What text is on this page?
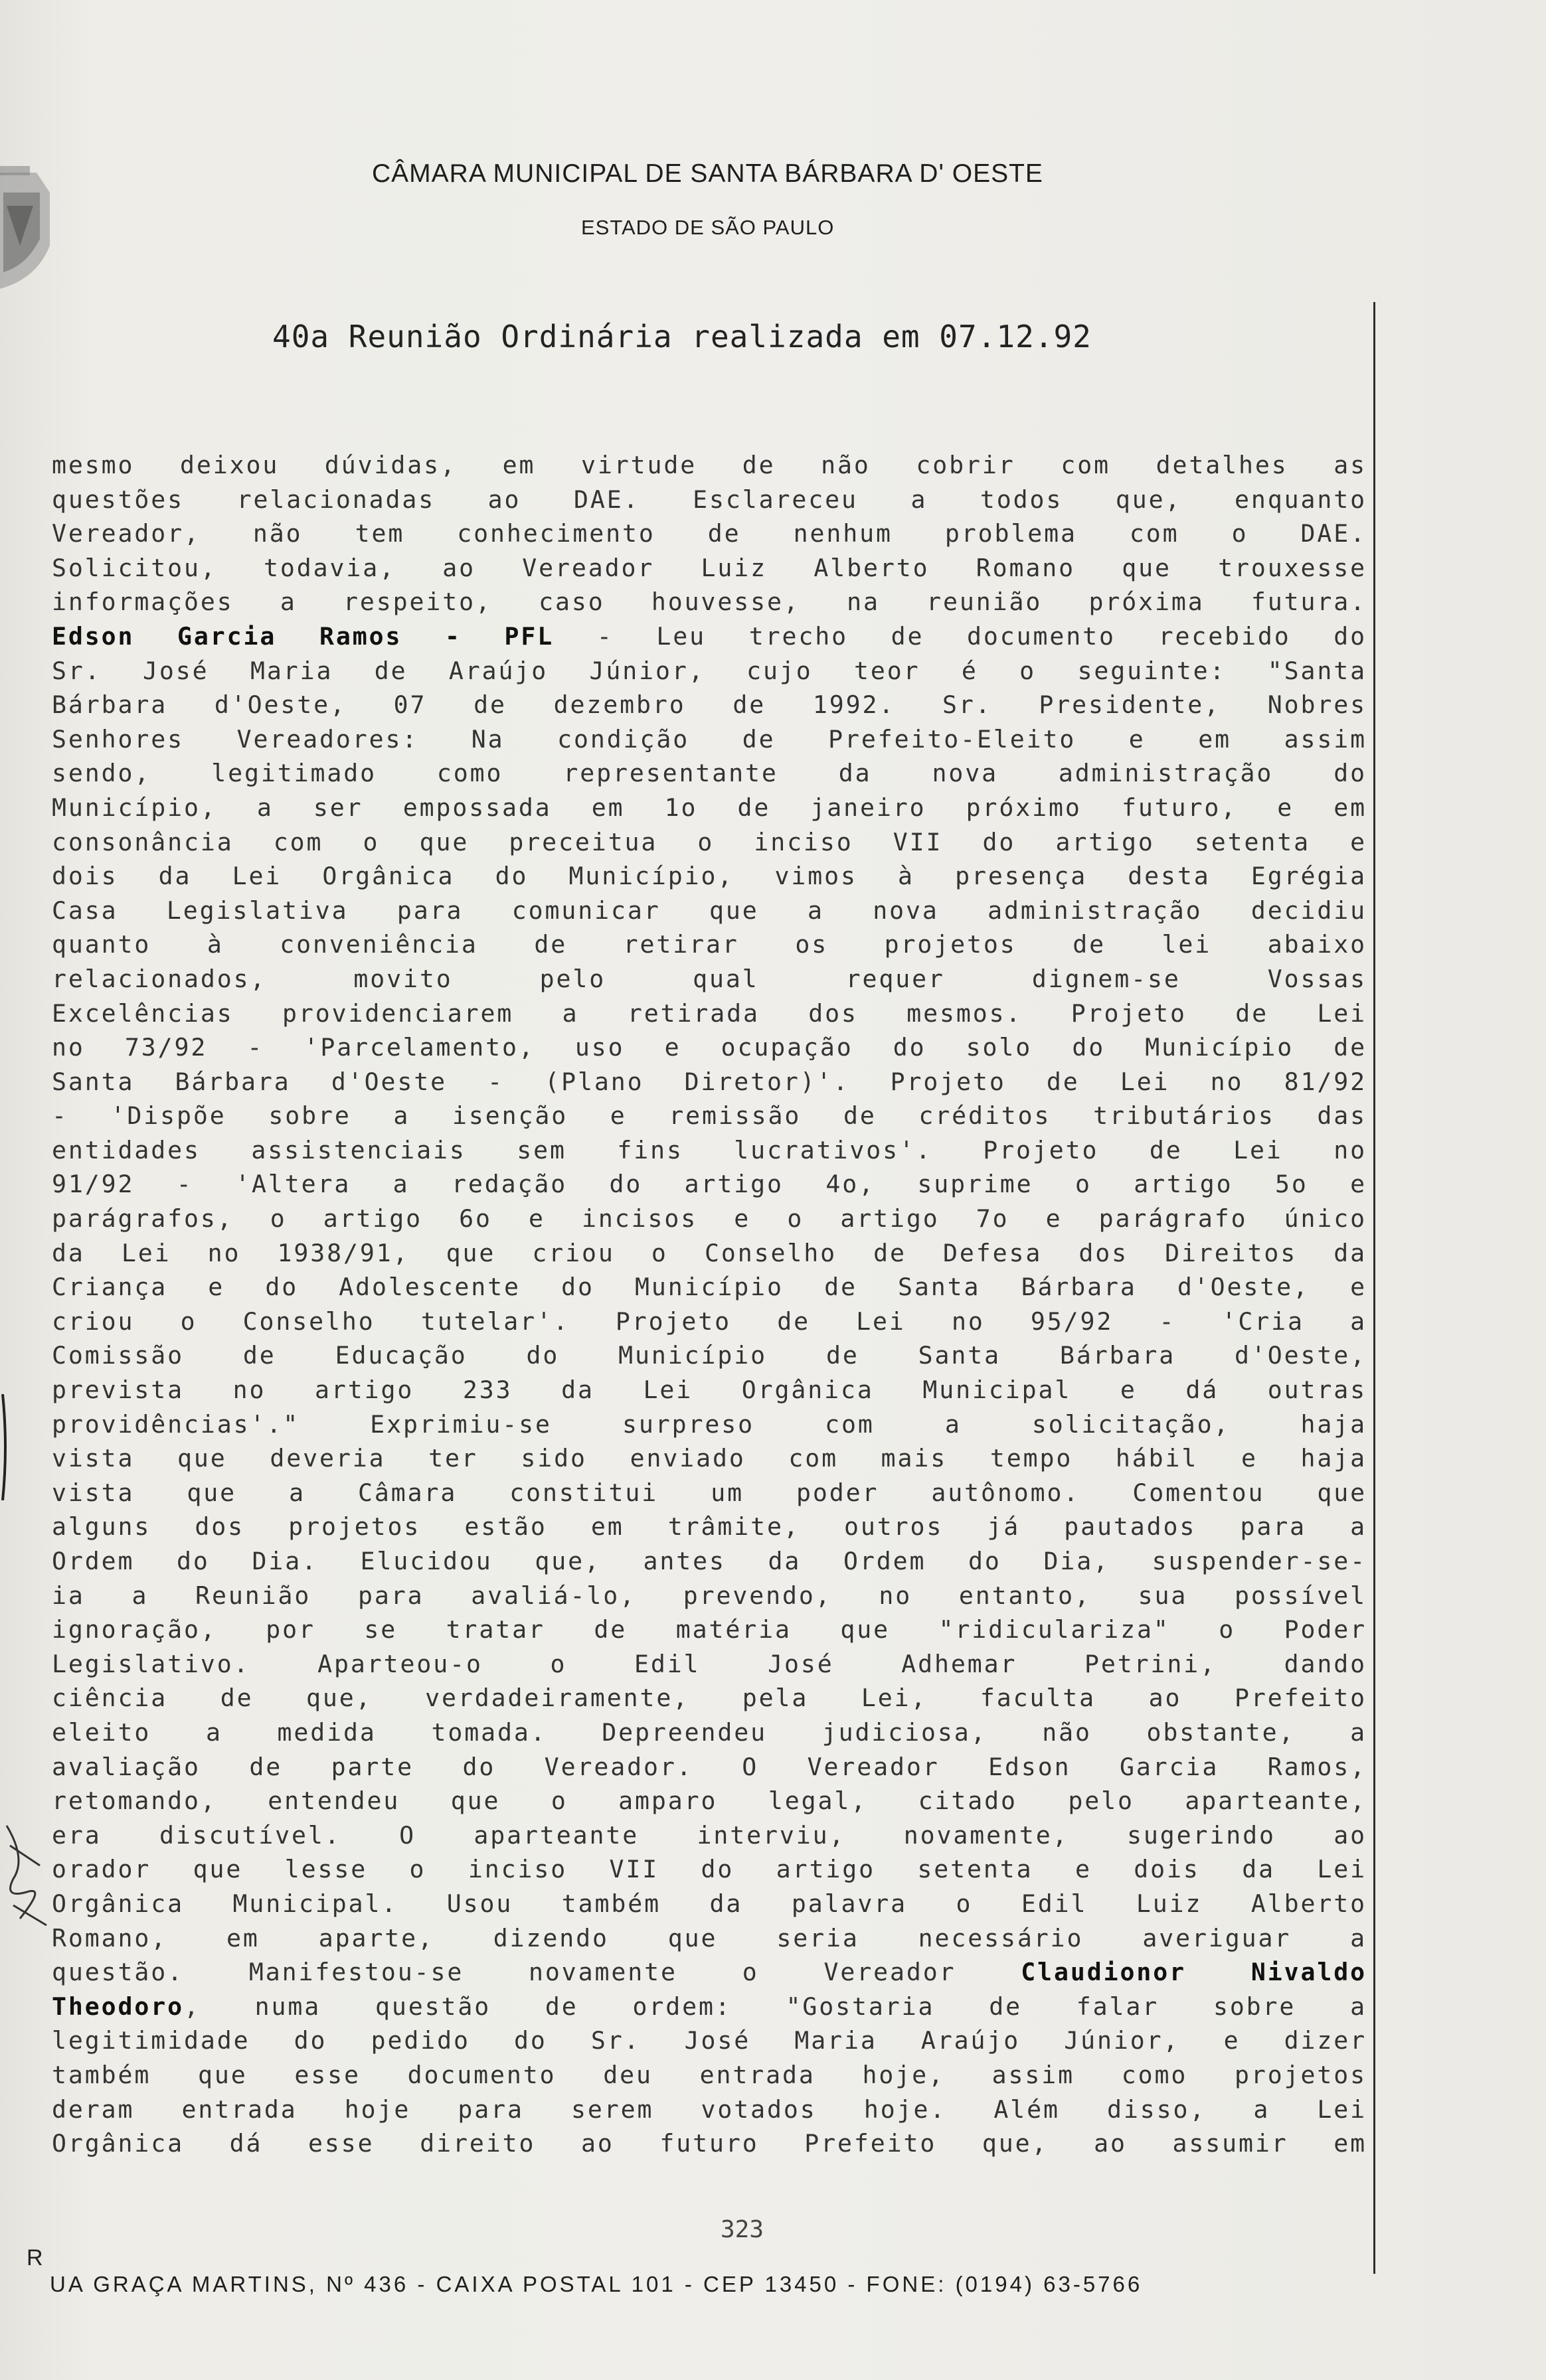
CÂMARA MUNICIPAL DE SANTA BÁRBARA D' OESTE
ESTADO DE SÃO PAULO
40a Reunião Ordinária realizada em 07.12.92
mesmo deixou dúvidas, em virtude de não cobrir com detalhes as
questões relacionadas ao DAE. Esclareceu a todos que, enquanto
Vereador, não tem conhecimento de nenhum problema com o DAE.
Solicitou, todavia, ao Vereador Luiz Alberto Romano que trouxesse
informações a respeito, caso houvesse, na reunião próxima futura.
Edson Garcia Ramos - PFL - Leu trecho de documento recebido do
Sr. José Maria de Araújo Júnior, cujo teor é o seguinte: "Santa
Bárbara d'Oeste, 07 de dezembro de 1992. Sr. Presidente, Nobres
Senhores Vereadores: Na condição de Prefeito-Eleito e em assim
sendo, legitimado como representante da nova administração do
Município, a ser empossada em 1o de janeiro próximo futuro, e em
consonância com o que preceitua o inciso VII do artigo setenta e
dois da Lei Orgânica do Município, vimos à presença desta Egrégia
Casa Legislativa para comunicar que a nova administração decidiu
quanto à conveniência de retirar os projetos de lei abaixo
relacionados, movito pelo qual requer dignem-se Vossas
Excelências providenciarem a retirada dos mesmos. Projeto de Lei
no 73/92 - 'Parcelamento, uso e ocupação do solo do Município de
Santa Bárbara d'Oeste - (Plano Diretor)'. Projeto de Lei no 81/92
- 'Dispõe sobre a isenção e remissão de créditos tributários das
entidades assistenciais sem fins lucrativos'. Projeto de Lei no
91/92 - 'Altera a redação do artigo 4o, suprime o artigo 5o e
parágrafos, o artigo 6o e incisos e o artigo 7o e parágrafo único
da Lei no 1938/91, que criou o Conselho de Defesa dos Direitos da
Criança e do Adolescente do Município de Santa Bárbara d'Oeste, e
criou o Conselho tutelar'. Projeto de Lei no 95/92 - 'Cria a
Comissão de Educação do Município de Santa Bárbara d'Oeste,
prevista no artigo 233 da Lei Orgânica Municipal e dá outras
providências'." Exprimiu-se surpreso com a solicitação, haja
vista que deveria ter sido enviado com mais tempo hábil e haja
vista que a Câmara constitui um poder autônomo. Comentou que
alguns dos projetos estão em trâmite, outros já pautados para a
Ordem do Dia. Elucidou que, antes da Ordem do Dia, suspender-se-
ia a Reunião para avaliá-lo, prevendo, no entanto, sua possível
ignoração, por se tratar de matéria que "ridiculariza" o Poder
Legislativo. Aparteou-o o Edil José Adhemar Petrini, dando
ciência de que, verdadeiramente, pela Lei, faculta ao Prefeito
eleito a medida tomada. Depreendeu judiciosa, não obstante, a
avaliação de parte do Vereador. O Vereador Edson Garcia Ramos,
retomando, entendeu que o amparo legal, citado pelo aparteante,
era discutível. O aparteante interviu, novamente, sugerindo ao
orador que lesse o inciso VII do artigo setenta e dois da Lei
Orgânica Municipal. Usou também da palavra o Edil Luiz Alberto
Romano, em aparte, dizendo que seria necessário averiguar a
questão. Manifestou-se novamente o Vereador Claudionor Nivaldo
Theodoro, numa questão de ordem: "Gostaria de falar sobre a
legitimidade do pedido do Sr. José Maria Araújo Júnior, e dizer
também que esse documento deu entrada hoje, assim como projetos
deram entrada hoje para serem votados hoje. Além disso, a Lei
Orgânica dá esse direito ao futuro Prefeito que, ao assumir em
323
R
UA GRAÇA MARTINS, Nº 436 - CAIXA POSTAL 101 - CEP 13450 - FONE: (0194) 63-5766
